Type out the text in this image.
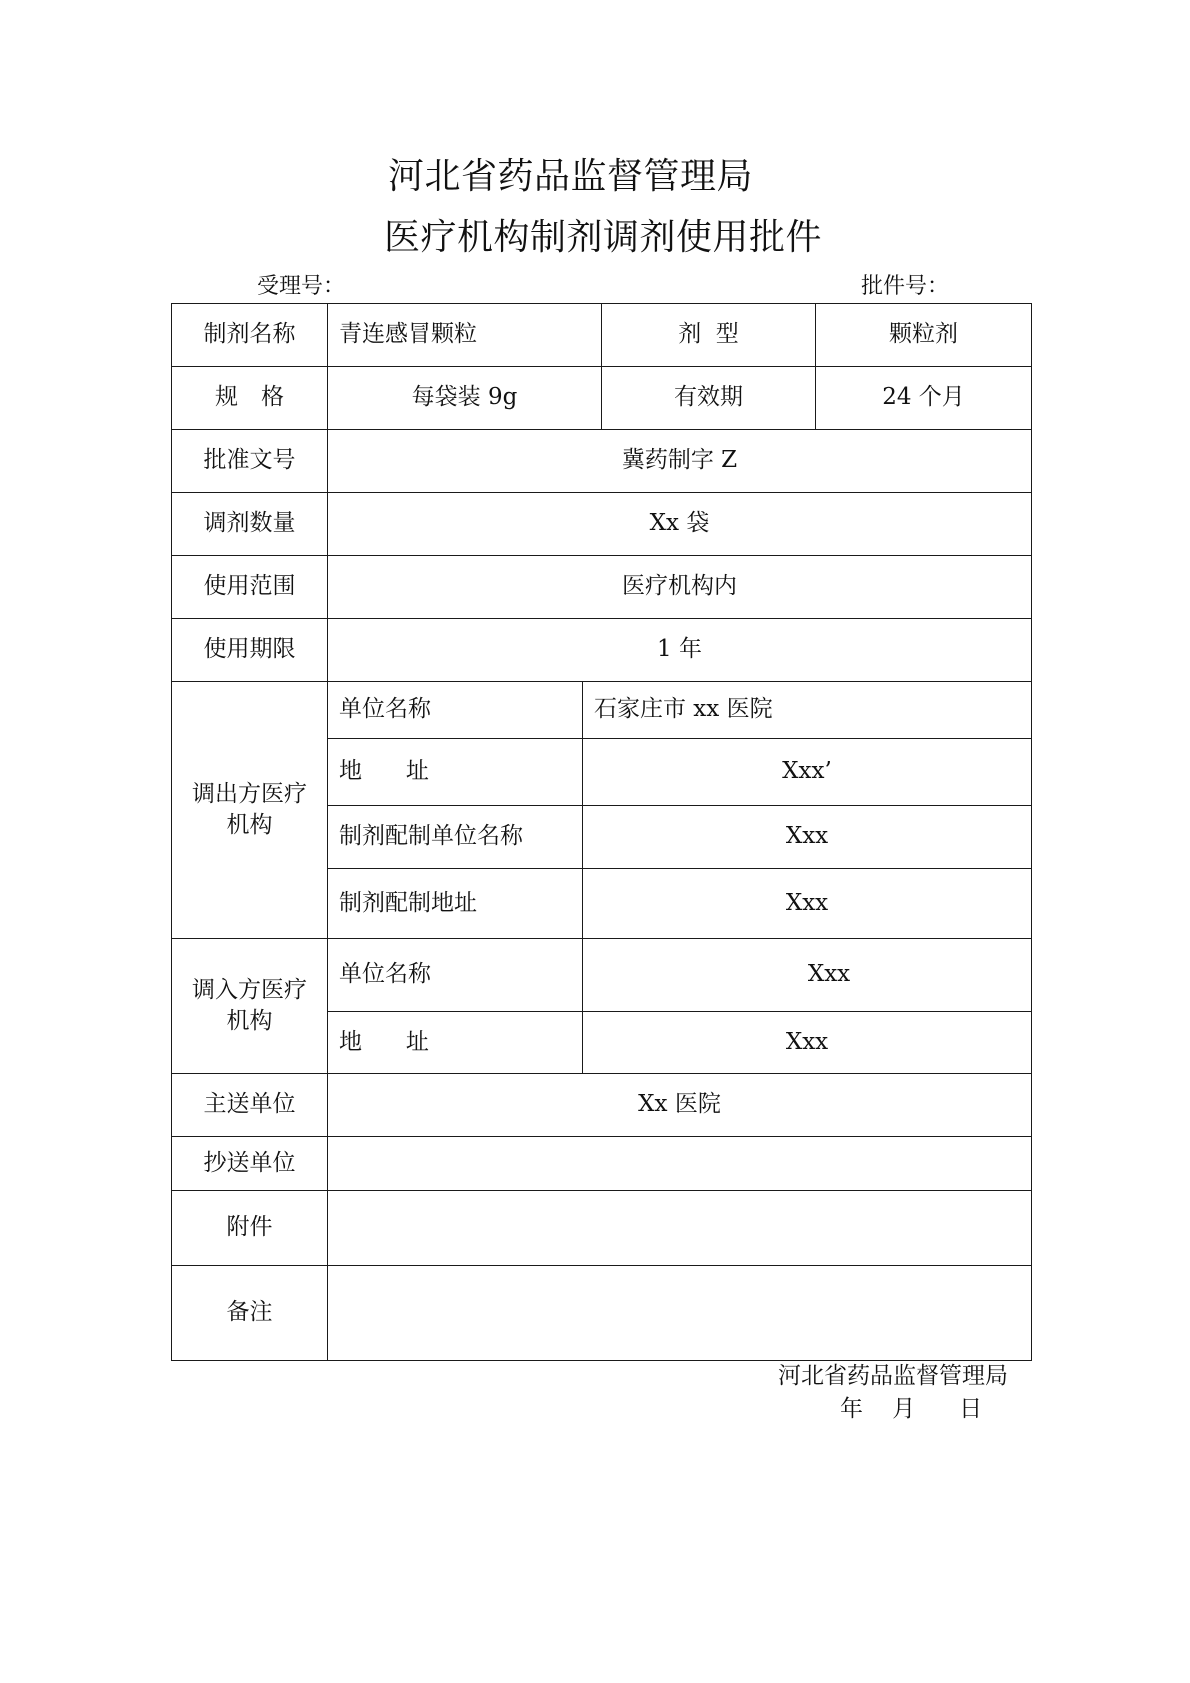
河北省药品监督管理局
医疗机构制剂调剂使用批件
受理号：	批件号：
制剂名称	青连感冒颗粒		剂  型	颗粒剂
规　格	每袋装 9g		有效期	24 个月
批准文号	冀药制字 Z			
调剂数量	Xx 袋			
使用范围	医疗机构内			
使用期限	1 年			
调出方医疗机构	单位名称	石家庄市 xx 医院		
	地      址	Xxx’		
	制剂配制单位名称	Xxx		
	制剂配制地址	Xxx		
调入方医疗机构	单位名称	Xxx		
	地      址	Xxx		
主送单位	Xx 医院			
抄送单位				
附件				
备注				
河北省药品监督管理局
年    月      日
